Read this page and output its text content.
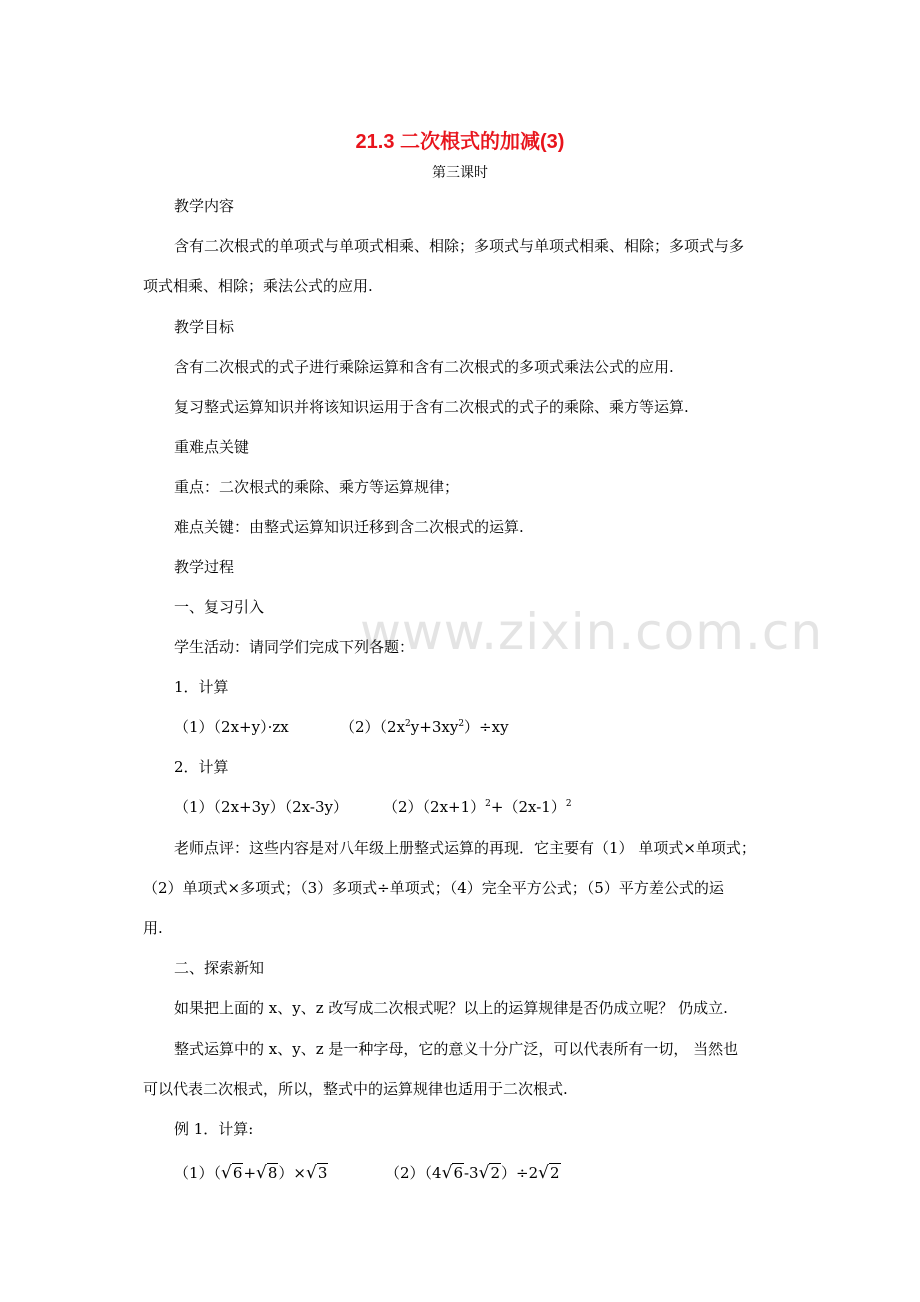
www.zixin.com.cn
21.3 二次根式的加减(3)
第三课时
教学内容
含有二次根式的单项式与单项式相乘、相除；多项式与单项式相乘、相除；多项式与多
项式相乘、相除；乘法公式的应用.
教学目标
含有二次根式的式子进行乘除运算和含有二次根式的多项式乘法公式的应用.
复习整式运算知识并将该知识运用于含有二次根式的式子的乘除、乘方等运算.
重难点关键
重点：二次根式的乘除、乘方等运算规律；
难点关键：由整式运算知识迁移到含二次根式的运算.
教学过程
一、复习引入
学生活动：请同学们完成下列各题：
1．计算
（1）（2x+y）·zx	$(2)(2x^2y+3xy^2)\div xy$
2．计算
（1）（2x+3y）（2x-3y） $(2)(2x+1)^2+(2x-1)^2$
老师点评：这些内容是对八年级上册整式运算的再现．它主要有（1） 单项式×单项式；
（2）单项式×多项式；（3）多项式÷单项式；（4）完全平方公式；（5）平方差公式的运
用.
二、探索新知
如果把上面的 x、y、z 改写成二次根式呢？以上的运算规律是否仍成立呢？ 仍成立.
整式运算中的 x、y、z 是一种字母，它的意义十分广泛，可以代表所有一切， 当然也
可以代表二次根式，所以，整式中的运算规律也适用于二次根式.
例 1．计算:
（1）（√6+√8）×√3	（2）（4√6-3√2）÷2√2
